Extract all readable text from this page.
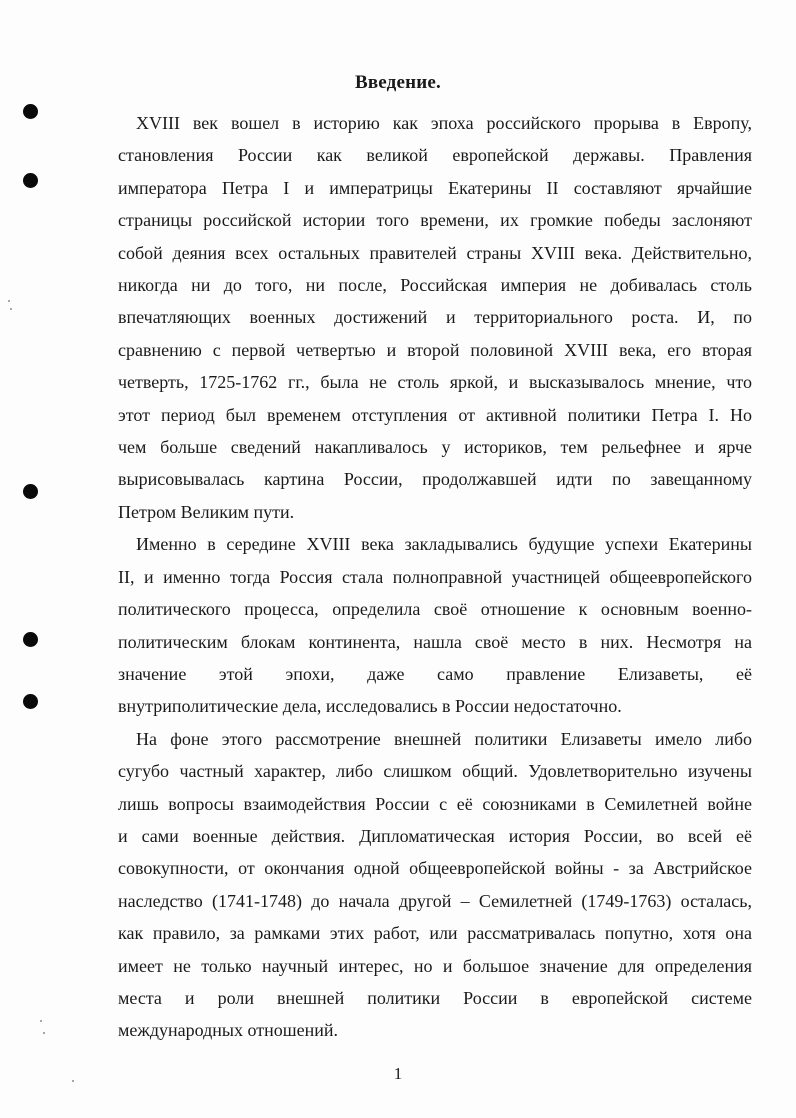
Введение.
XVIII век вошел в историю как эпоха российского прорыва в Европу,
становления России как великой европейской державы. Правления
императора Петра I и императрицы Екатерины II составляют ярчайшие
страницы российской истории того времени, их громкие победы заслоняют
собой деяния всех остальных правителей страны XVIII века. Действительно,
никогда ни до того, ни после, Российская империя не добивалась столь
впечатляющих военных достижений и территориального роста. И, по
сравнению с первой четвертью и второй половиной XVIII века, его вторая
четверть, 1725-1762 гг., была не столь яркой, и высказывалось мнение, что
этот период был временем отступления от активной политики Петра I. Но
чем больше сведений накапливалось у историков, тем рельефнее и ярче
вырисовывалась картина России, продолжавшей идти по завещанному
Петром Великим пути.
Именно в середине XVIII века закладывались будущие успехи Екатерины
II, и именно тогда Россия стала полноправной участницей общеевропейского
политического процесса, определила своё отношение к основным военно-
политическим блокам континента, нашла своё место в них. Несмотря на
значение этой эпохи, даже само правление Елизаветы, её
внутриполитические дела, исследовались в России недостаточно.
На фоне этого рассмотрение внешней политики Елизаветы имело либо
сугубо частный характер, либо слишком общий. Удовлетворительно изучены
лишь вопросы взаимодействия России с её союзниками в Семилетней войне
и сами военные действия. Дипломатическая история России, во всей её
совокупности, от окончания одной общеевропейской войны - за Австрийское
наследство (1741-1748) до начала другой – Семилетней (1749-1763) осталась,
как правило, за рамками этих работ, или рассматривалась попутно, хотя она
имеет не только научный интерес, но и большое значение для определения
места и роли внешней политики России в европейской системе
международных отношений.
1
